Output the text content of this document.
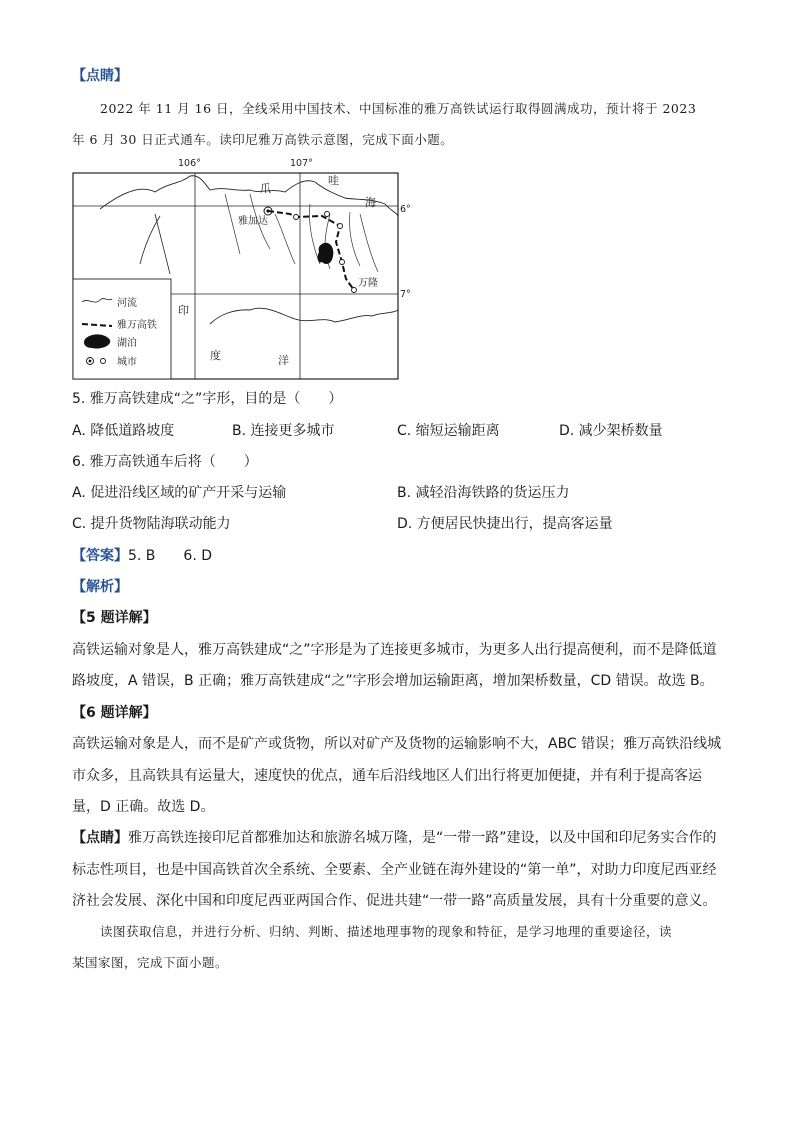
【点睛】
2022 年 11 月 16 日，全线采用中国技术、中国标准的雅万高铁试运行取得圆满成功，预计将于 2023
年 6 月 30 日正式通车。读印尼雅万高铁示意图，完成下面小题。
106°	107°
6°
7°
爪
哇
海
印
度	洋
雅加达
万隆
河流
雅万高铁
湖泊
城市
5. 雅万高铁建成“之”字形，目的是（　　）
A. 降低道路坡度	B. 连接更多城市	C. 缩短运输距离	D. 减少架桥数量
6. 雅万高铁通车后将（　　）
A. 促进沿线区域的矿产开采与运输	B. 减轻沿海铁路的货运压力
C. 提升货物陆海联动能力	D. 方便居民快捷出行，提高客运量
【答案】5. B　　6. D
【解析】
【5 题详解】
高铁运输对象是人，雅万高铁建成“之”字形是为了连接更多城市，为更多人出行提高便利，而不是降低道
路坡度，A 错误，B 正确；雅万高铁建成“之”字形会增加运输距离，增加架桥数量，CD 错误。故选 B。
【6 题详解】
高铁运输对象是人，而不是矿产或货物，所以对矿产及货物的运输影响不大，ABC 错误；雅万高铁沿线城
市众多，且高铁具有运量大，速度快的优点，通车后沿线地区人们出行将更加便捷，并有利于提高客运
量，D 正确。故选 D。
【点睛】雅万高铁连接印尼首都雅加达和旅游名城万隆，是“一带一路”建设，以及中国和印尼务实合作的
标志性项目，也是中国高铁首次全系统、全要素、全产业链在海外建设的“第一单”，对助力印度尼西亚经
济社会发展、深化中国和印度尼西亚两国合作、促进共建“一带一路”高质量发展，具有十分重要的意义。
读图获取信息，并进行分析、归纳、判断、描述地理事物的现象和特征，是学习地理的重要途径，读
某国家图，完成下面小题。
